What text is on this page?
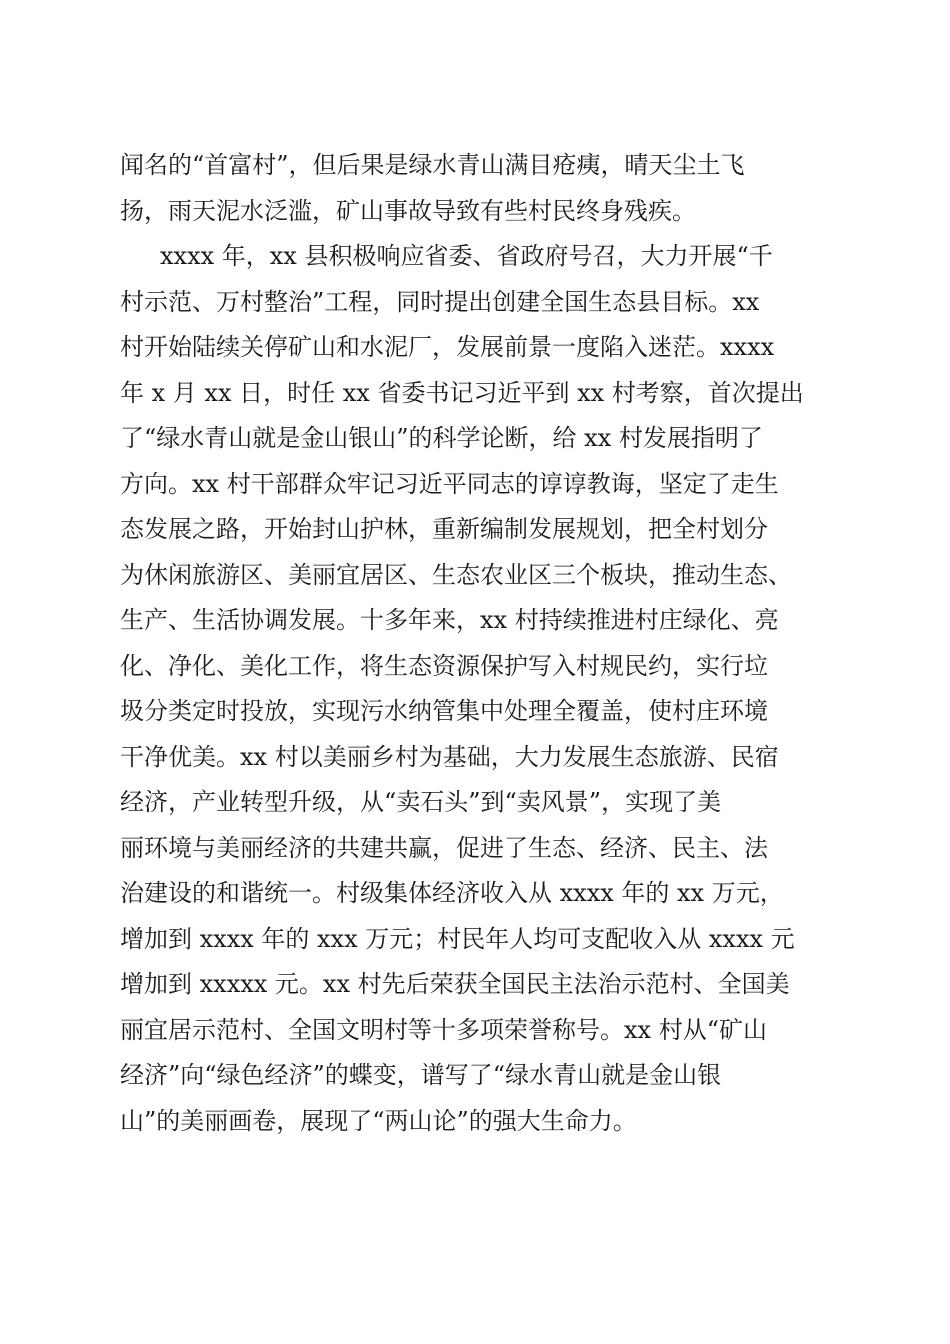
闻名的“首富村”，但后果是绿水青山满目疮痍，晴天尘土飞
扬，雨天泥水泛滥，矿山事故导致有些村民终身残疾。
xxxx 年，xx 县积极响应省委、省政府号召，大力开展“千
村示范、万村整治”工程，同时提出创建全国生态县目标。xx
村开始陆续关停矿山和水泥厂，发展前景一度陷入迷茫。xxxx
年 x 月 xx 日，时任 xx 省委书记习近平到 xx 村考察，首次提出
了“绿水青山就是金山银山”的科学论断，给 xx 村发展指明了
方向。xx 村干部群众牢记习近平同志的谆谆教诲，坚定了走生
态发展之路，开始封山护林，重新编制发展规划，把全村划分
为休闲旅游区、美丽宜居区、生态农业区三个板块，推动生态、
生产、生活协调发展。十多年来，xx 村持续推进村庄绿化、亮
化、净化、美化工作，将生态资源保护写入村规民约，实行垃
圾分类定时投放，实现污水纳管集中处理全覆盖，使村庄环境
干净优美。xx 村以美丽乡村为基础，大力发展生态旅游、民宿
经济，产业转型升级，从“卖石头”到“卖风景”，实现了美
丽环境与美丽经济的共建共赢，促进了生态、经济、民主、法
治建设的和谐统一。村级集体经济收入从 xxxx 年的 xx 万元，
增加到 xxxx 年的 xxx 万元；村民年人均可支配收入从 xxxx 元
增加到 xxxxx 元。xx 村先后荣获全国民主法治示范村、全国美
丽宜居示范村、全国文明村等十多项荣誉称号。xx 村从“矿山
经济”向“绿色经济”的蝶变，谱写了“绿水青山就是金山银
山”的美丽画卷，展现了“两山论”的强大生命力。
